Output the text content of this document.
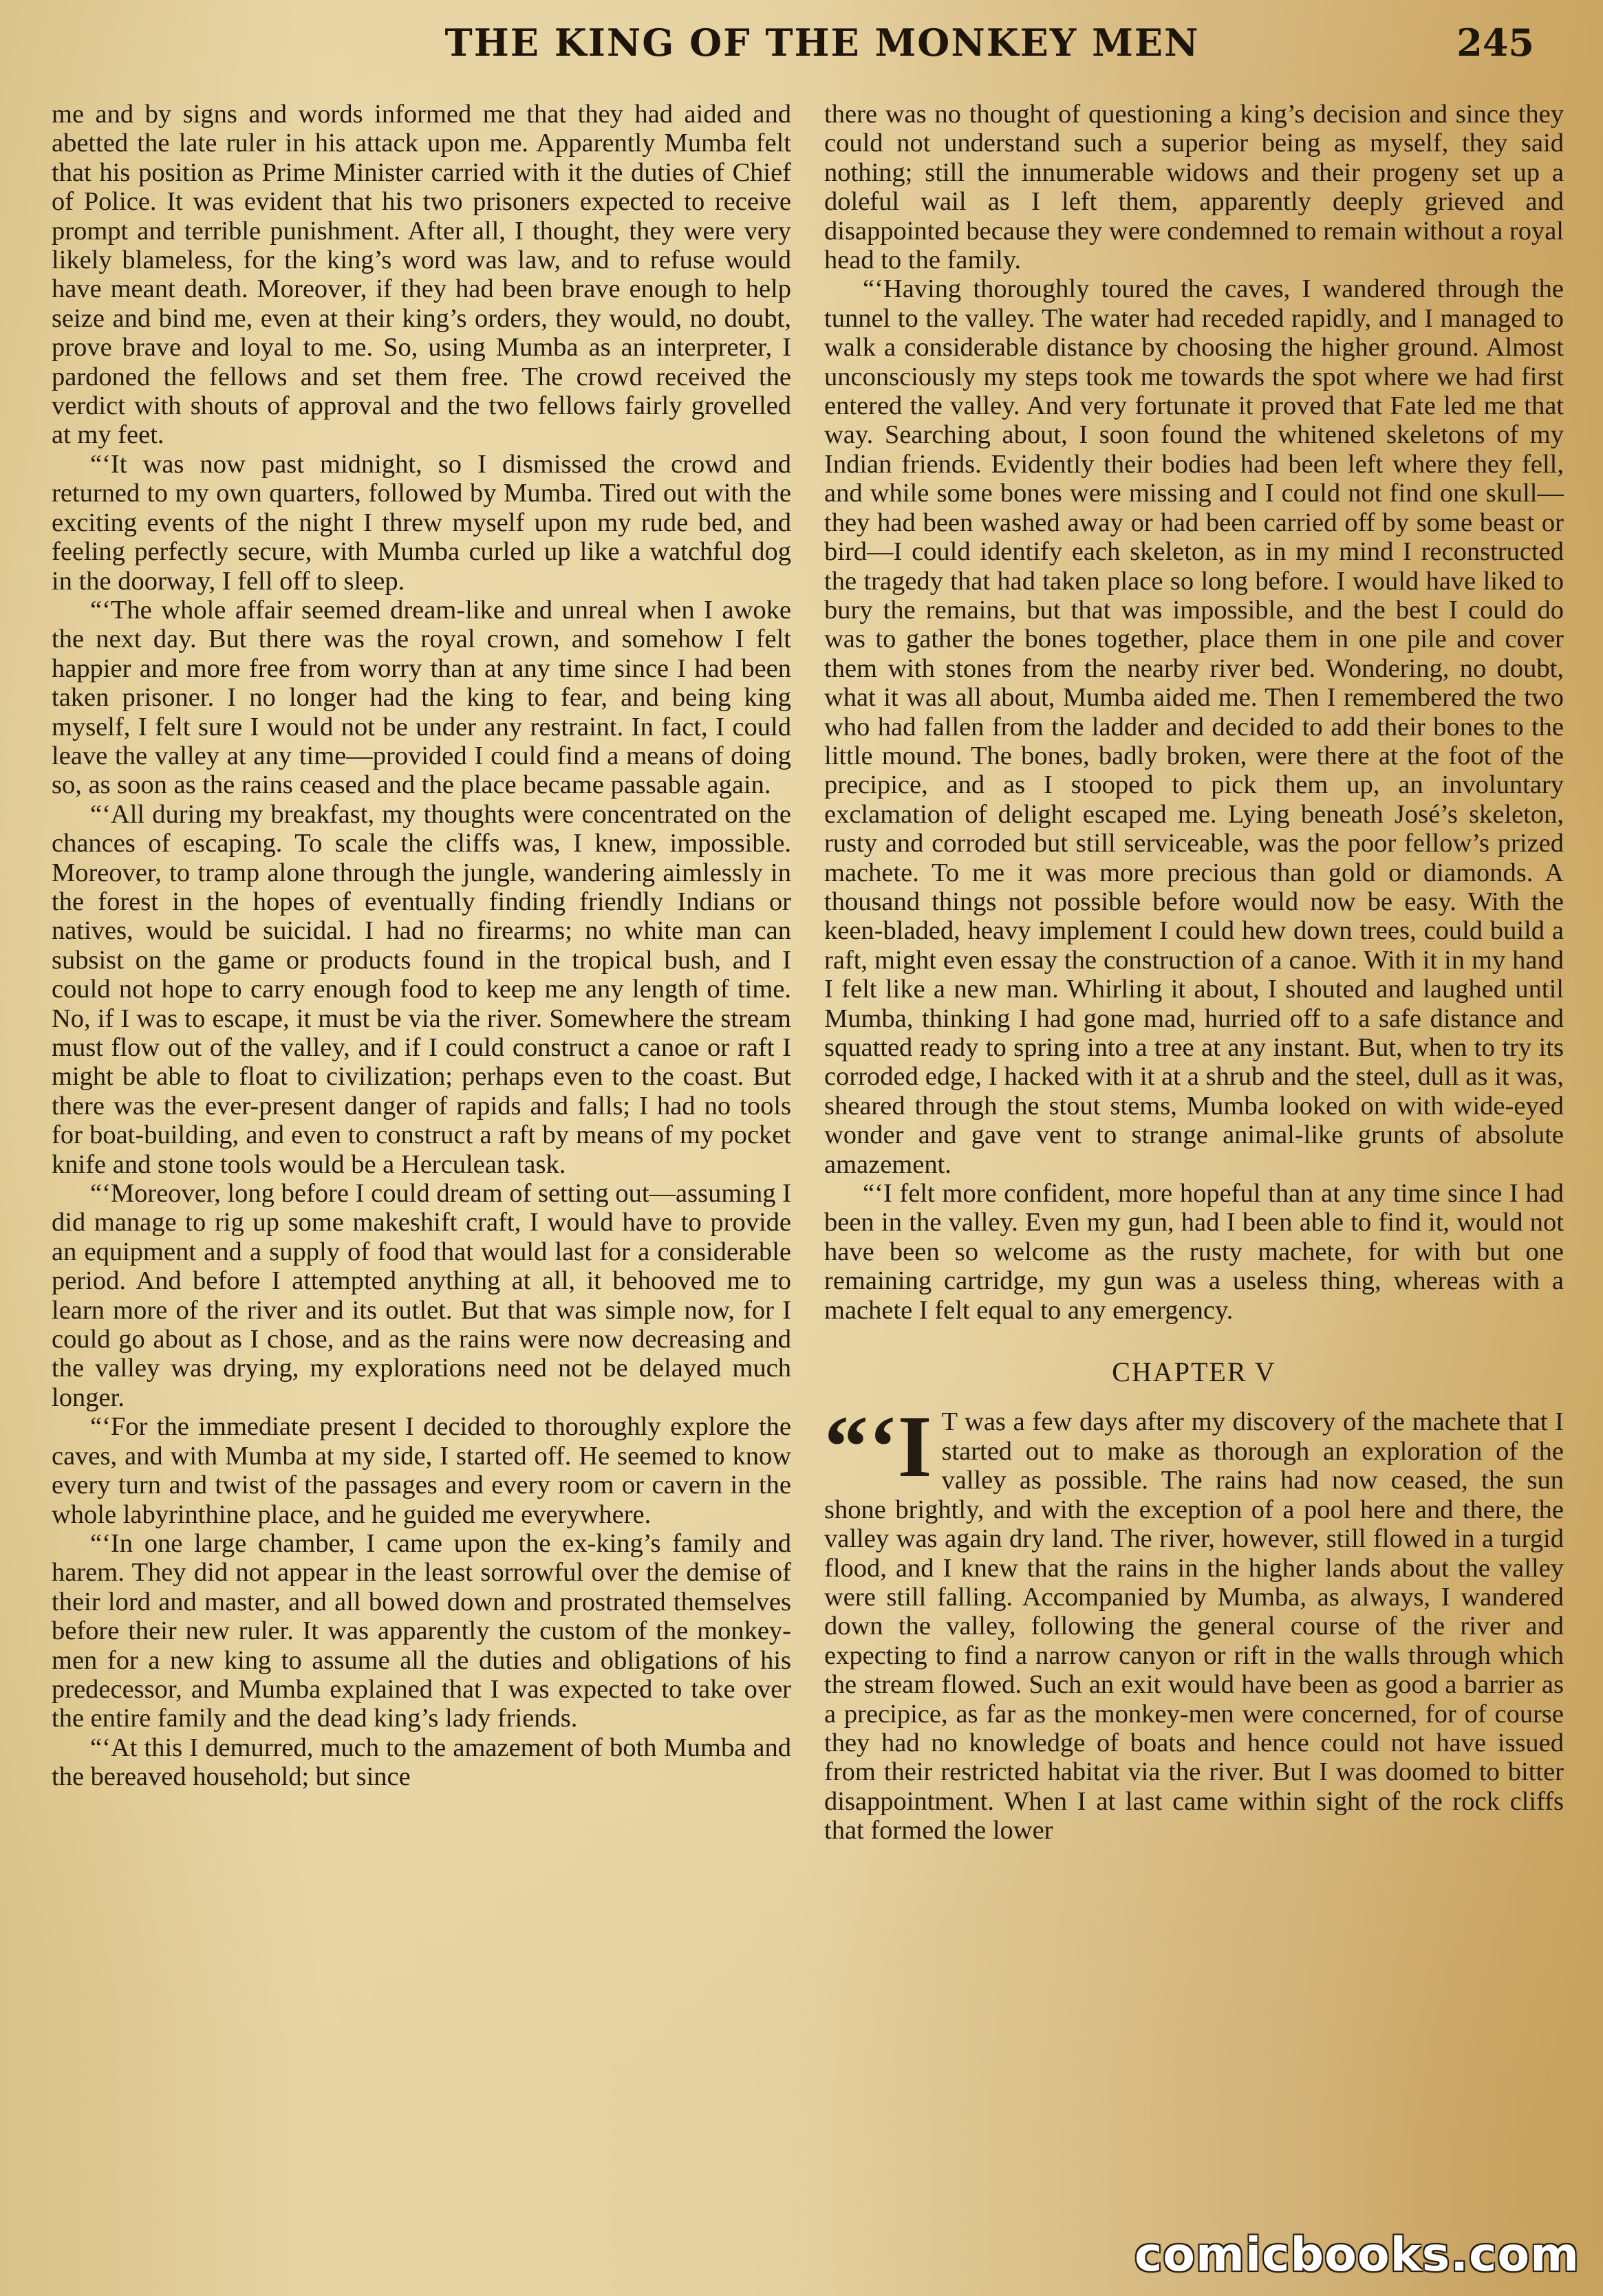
THE KING OF THE MONKEY MEN	245

me and by signs and words informed me that they had aided and abetted the late ruler in his attack upon me. Apparently Mumba felt that his position as Prime Minister carried with it the duties of Chief of Police. It was evident that his two prisoners expected to receive prompt and terrible punishment. After all, I thought, they were very likely blameless, for the king’s word was law, and to refuse would have meant death. Moreover, if they had been brave enough to help seize and bind me, even at their king’s orders, they would, no doubt, prove brave and loyal to me. So, using Mumba as an interpreter, I pardoned the fellows and set them free. The crowd received the verdict with shouts of approval and the two fellows fairly grovelled at my feet.

“‘It was now past midnight, so I dismissed the crowd and returned to my own quarters, followed by Mumba. Tired out with the exciting events of the night I threw myself upon my rude bed, and feeling perfectly secure, with Mumba curled up like a watchful dog in the doorway, I fell off to sleep.

“‘The whole affair seemed dream-like and unreal when I awoke the next day. But there was the royal crown, and somehow I felt happier and more free from worry than at any time since I had been taken prisoner. I no longer had the king to fear, and being king myself, I felt sure I would not be under any restraint. In fact, I could leave the valley at any time—provided I could find a means of doing so, as soon as the rains ceased and the place became passable again.

“‘All during my breakfast, my thoughts were concentrated on the chances of escaping. To scale the cliffs was, I knew, impossible. Moreover, to tramp alone through the jungle, wandering aimlessly in the forest in the hopes of eventually finding friendly Indians or natives, would be suicidal. I had no firearms; no white man can subsist on the game or products found in the tropical bush, and I could not hope to carry enough food to keep me any length of time. No, if I was to escape, it must be via the river. Somewhere the stream must flow out of the valley, and if I could construct a canoe or raft I might be able to float to civilization; perhaps even to the coast. But there was the ever-present danger of rapids and falls; I had no tools for boat-building, and even to construct a raft by means of my pocket knife and stone tools would be a Herculean task.

“‘Moreover, long before I could dream of setting out—assuming I did manage to rig up some makeshift craft, I would have to provide an equipment and a supply of food that would last for a considerable period. And before I attempted anything at all, it behooved me to learn more of the river and its outlet. But that was simple now, for I could go about as I chose, and as the rains were now decreasing and the valley was drying, my explorations need not be delayed much longer.

“‘For the immediate present I decided to thoroughly explore the caves, and with Mumba at my side, I started off. He seemed to know every turn and twist of the passages and every room or cavern in the whole labyrinthine place, and he guided me everywhere.

“‘In one large chamber, I came upon the ex-king’s family and harem. They did not appear in the least sorrowful over the demise of their lord and master, and all bowed down and prostrated themselves before their new ruler. It was apparently the custom of the monkey-men for a new king to assume all the duties and obligations of his predecessor, and Mumba explained that I was expected to take over the entire family and the dead king’s lady friends.

“‘At this I demurred, much to the amazement of both Mumba and the bereaved household; but since

there was no thought of questioning a king’s decision and since they could not understand such a superior being as myself, they said nothing; still the innumerable widows and their progeny set up a doleful wail as I left them, apparently deeply grieved and disappointed because they were condemned to remain without a royal head to the family.

“‘Having thoroughly toured the caves, I wandered through the tunnel to the valley. The water had receded rapidly, and I managed to walk a considerable distance by choosing the higher ground. Almost unconsciously my steps took me towards the spot where we had first entered the valley. And very fortunate it proved that Fate led me that way. Searching about, I soon found the whitened skeletons of my Indian friends. Evidently their bodies had been left where they fell, and while some bones were missing and I could not find one skull—they had been washed away or had been carried off by some beast or bird—I could identify each skeleton, as in my mind I reconstructed the tragedy that had taken place so long before. I would have liked to bury the remains, but that was impossible, and the best I could do was to gather the bones together, place them in one pile and cover them with stones from the nearby river bed. Wondering, no doubt, what it was all about, Mumba aided me. Then I remembered the two who had fallen from the ladder and decided to add their bones to the little mound. The bones, badly broken, were there at the foot of the precipice, and as I stooped to pick them up, an involuntary exclamation of delight escaped me. Lying beneath José’s skeleton, rusty and corroded but still serviceable, was the poor fellow’s prized machete. To me it was more precious than gold or diamonds. A thousand things not possible before would now be easy. With the keen-bladed, heavy implement I could hew down trees, could build a raft, might even essay the construction of a canoe. With it in my hand I felt like a new man. Whirling it about, I shouted and laughed until Mumba, thinking I had gone mad, hurried off to a safe distance and squatted ready to spring into a tree at any instant. But, when to try its corroded edge, I hacked with it at a shrub and the steel, dull as it was, sheared through the stout stems, Mumba looked on with wide-eyed wonder and gave vent to strange animal-like grunts of absolute amazement.

“‘I felt more confident, more hopeful than at any time since I had been in the valley. Even my gun, had I been able to find it, would not have been so welcome as the rusty machete, for with but one remaining cartridge, my gun was a useless thing, whereas with a machete I felt equal to any emergency.

CHAPTER V

“‘I T was a few days after my discovery of the machete that I started out to make as thorough an exploration of the valley as possible. The rains had now ceased, the sun shone brightly, and with the exception of a pool here and there, the valley was again dry land. The river, however, still flowed in a turgid flood, and I knew that the rains in the higher lands about the valley were still falling. Accompanied by Mumba, as always, I wandered down the valley, following the general course of the river and expecting to find a narrow canyon or rift in the walls through which the stream flowed. Such an exit would have been as good a barrier as a precipice, as far as the monkey-men were concerned, for of course they had no knowledge of boats and hence could not have issued from their restricted habitat via the river. But I was doomed to bitter disappointment. When I at last came within sight of the rock cliffs that formed the lower

comicbooks.com
